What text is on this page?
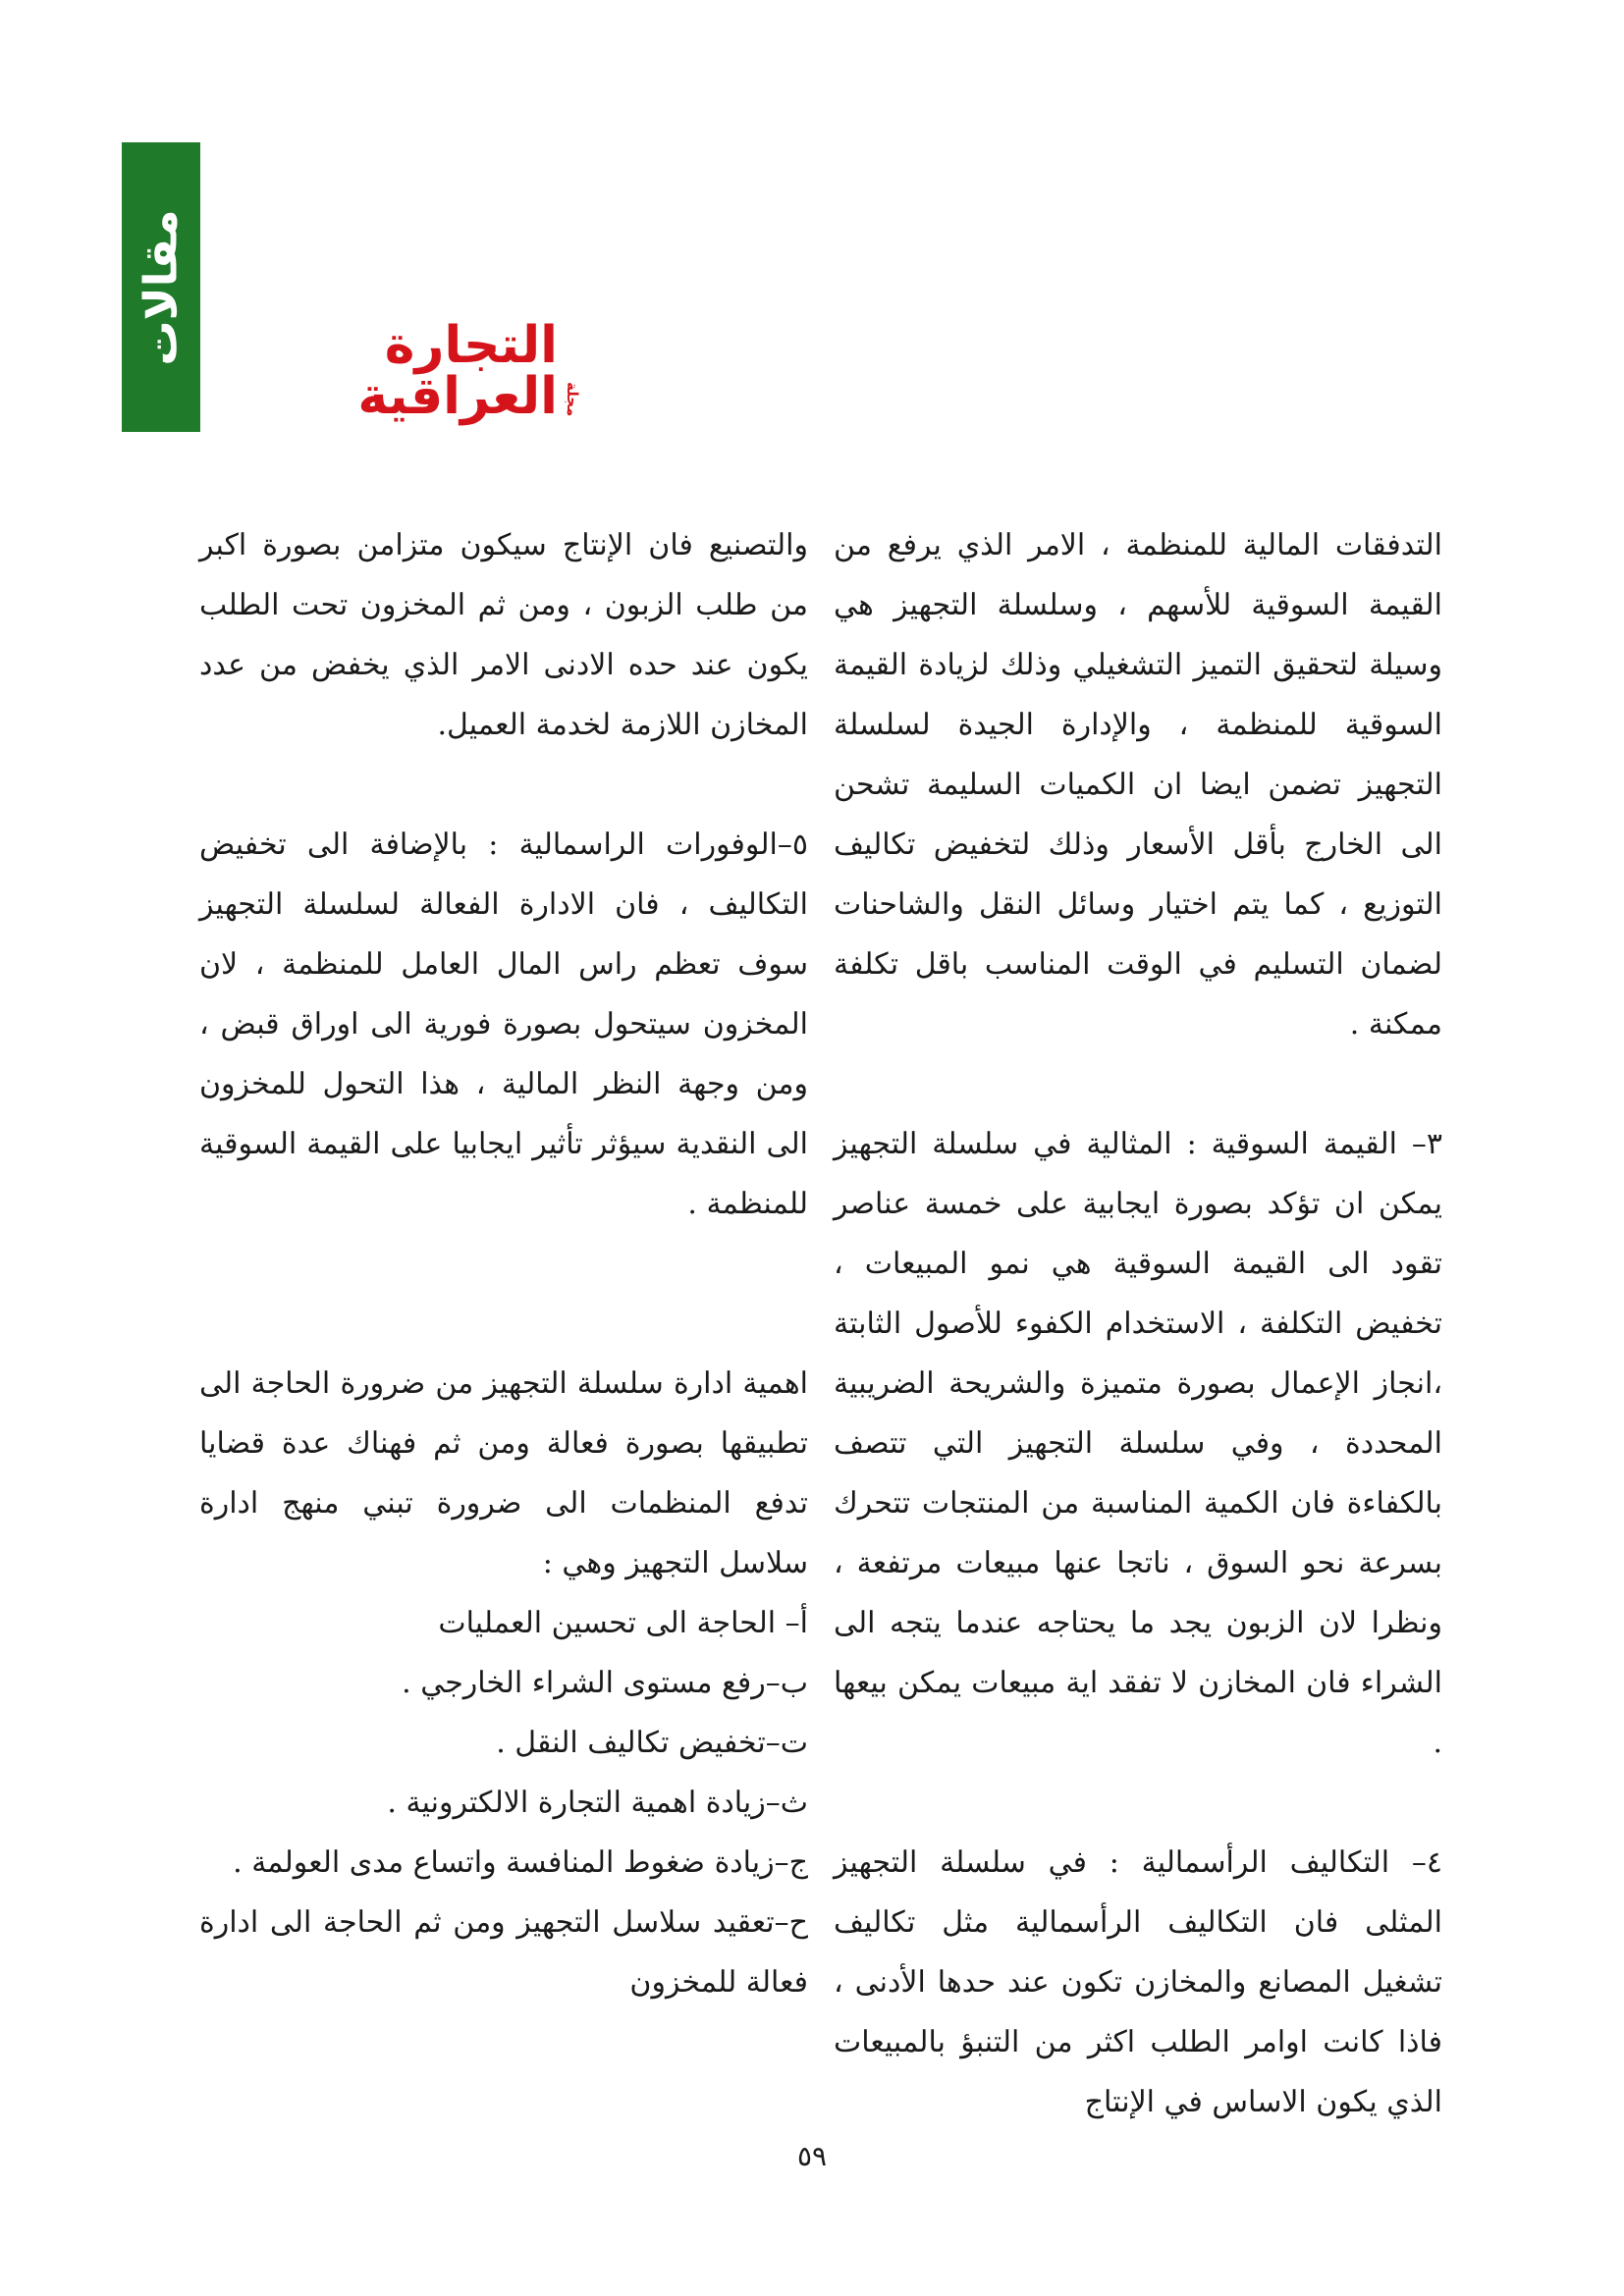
مقالات
مجلة
التجارة العراقية

التدفقات المالية للمنظمة ، الامر الذي يرفع من القيمة السوقية للأسهم ، وسلسلة التجهيز هي وسيلة لتحقيق التميز التشغيلي وذلك لزيادة القيمة السوقية للمنظمة ، والإدارة الجيدة لسلسلة التجهيز تضمن ايضا ان الكميات السليمة تشحن الى الخارج بأقل الأسعار وذلك لتخفيض تكاليف التوزيع ، كما يتم اختيار وسائل النقل والشاحنات لضمان التسليم في الوقت المناسب باقل تكلفة ممكنة .

٣– القيمة السوقية : المثالية في سلسلة التجهيز يمكن ان تؤكد بصورة ايجابية على خمسة عناصر تقود الى القيمة السوقية هي نمو المبيعات ، تخفيض التكلفة ، الاستخدام الكفوء للأصول الثابتة ،انجاز الإعمال بصورة متميزة والشريحة الضريبية المحددة ، وفي سلسلة التجهيز التي تتصف بالكفاءة فان الكمية المناسبة من المنتجات تتحرك بسرعة نحو السوق ، ناتجا عنها مبيعات مرتفعة ، ونظرا لان الزبون يجد ما يحتاجه عندما يتجه الى الشراء فان المخازن لا تفقد اية مبيعات يمكن بيعها .

٤– التكاليف الرأسمالية : في سلسلة التجهيز المثلى فان التكاليف الرأسمالية مثل تكاليف تشغيل المصانع والمخازن تكون عند حدها الأدنى ، فاذا كانت اوامر الطلب اكثر من التنبؤ بالمبيعات الذي يكون الاساس في الإنتاج

والتصنيع فان الإنتاج سيكون متزامن بصورة اكبر من طلب الزبون ، ومن ثم المخزون تحت الطلب يكون عند حده الادنى الامر الذي يخفض من عدد المخازن اللازمة لخدمة العميل.

٥–الوفورات الراسمالية : بالإضافة الى تخفيض التكاليف ، فان الادارة الفعالة لسلسلة التجهيز سوف تعظم راس المال العامل للمنظمة ، لان المخزون سيتحول بصورة فورية الى اوراق قبض ، ومن وجهة النظر المالية ، هذا التحول للمخزون الى النقدية سيؤثر تأثير ايجابيا على القيمة السوقية للمنظمة .

اهمية ادارة سلسلة التجهيز من ضرورة الحاجة الى تطبيقها بصورة فعالة ومن ثم فهناك عدة قضايا تدفع المنظمات الى ضرورة تبني منهج ادارة سلاسل التجهيز وهي :

أ– الحاجة الى تحسين العمليات

ب–رفع مستوى الشراء الخارجي .

ت–تخفيض تكاليف النقل .

ث–زيادة اهمية التجارة الالكترونية .

ج–زيادة ضغوط المنافسة واتساع مدى العولمة .

ح–تعقيد سلاسل التجهيز ومن ثم الحاجة الى ادارة فعالة للمخزون

٥٩
